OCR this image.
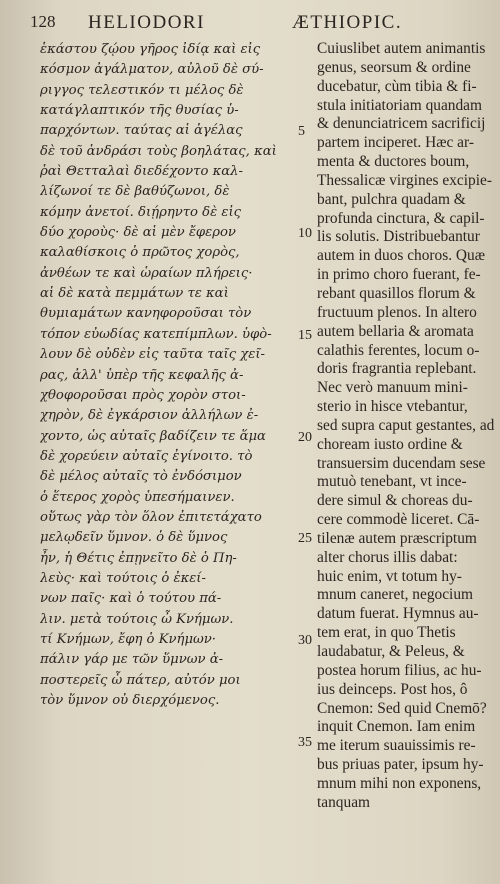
128 HELIODORI	ÆTHIOPIC.
ἑκάστου ζῴου γῆρος ἰδίᾳ καὶ εἰς
κόσμον ἀγάλματον, αὐλοῦ δὲ σύ-
ριγγος τελεστικόν τι μέλος δὲ
κατάγλαπτικόν τῆς θυσίας ὑ-
παρχόντων. ταύτας αἱ ἀγέλας
δὲ τοῦ ἀνδράσι τοὺς βοηλάτας, καὶ
ῥαὶ Θετταλαὶ διεδέχοντο καλ-
λίζωνοί τε δὲ βαθύζωνοι, δὲ
κόμην ἀνετοί. διῄρηντο δὲ εἰς
δύο χοροὺς· δὲ αἱ μὲν ἔφερον
καλαθίσκοις ὁ πρῶτος χορὸς,
ἀνθέων τε καὶ ὡραίων πλήρεις·
αἱ δὲ κατὰ πεμμάτων τε καὶ
θυμιαμάτων κανηφοροῦσαι τὸν
τόπον εὐωδίας κατεπίμπλων. ὑφὸ-
λουν δὲ οὐδὲν εἰς ταῦτα ταῖς χεῖ-
ρας, ἀλλ' ὑπὲρ τῆς κεφαλῆς ἀ-
χθοφοροῦσαι πρὸς χορὸν στοι-
χηρὸν, δὲ ἐγκάρσιον ἀλλήλων ἐ-
χοντο, ὡς αὐταῖς βαδίζειν τε ἅμα
δὲ χορεύειν αὐταῖς ἐγίνοιτο. τὸ
δὲ μέλος αὐταῖς τὸ ἐνδόσιμον
ὁ ἕτερος χορὸς ὑπεσήμαινεν.
οὕτως γὰρ τὸν ὅλον ἐπιτετάχατο
μελῳδεῖν ὕμνον. ὁ δὲ ὕμνος
ἦν, ἡ Θέτις ἐπῃνεῖτο δὲ ὁ Πη-
λεὺς· καὶ τούτοις ὁ ἐκεί-
νων παῖς· καὶ ὁ τούτου πά-
λιν. μετὰ τούτοις ὦ Κνήμων.
τί Κνήμων, ἔφη ὁ Κνήμων·
πάλιν γάρ με τῶν ὕμνων ἀ-
ποστερεῖς ὦ πάτερ, αὐτόν μοι
τὸν ὕμνον οὐ διερχόμενος.
5
10
15
20
25
30
35
Cuiuslibet autem animantis
genus, seorsum & ordine
ducebatur, cùm tibia & fi-
stula initiatoriam quandam
& denunciatricem sacrificij
partem inciperet. Hæc ar-
menta & ductores boum,
Thessalicæ virgines excipie-
bant, pulchra quadam &
profunda cinctura, & capil-
lis solutis. Distribuebantur
autem in duos choros. Quæ
in primo choro fuerant, fe-
rebant quasillos florum &
fructuum plenos. In altero
autem bellaria & aromata
calathis ferentes, locum o-
doris fragrantia replebant.
Nec verò manuum mini-
sterio in hisce vtebantur,
sed supra caput gestantes, ad
choream iusto ordine &
transuersim ducendam sese
mutuò tenebant, vt ince-
dere simul & choreas du-
cere commodè liceret. Cā-
tilenæ autem præscriptum
alter chorus illis dabat:
huic enim, vt totum hy-
mnum caneret, negocium
datum fuerat. Hymnus au-
tem erat, in quo Thetis
laudabatur, & Peleus, &
postea horum filius, ac hu-
ius deinceps. Post hos, ô
Cnemon: Sed quid Cnemō?
inquit Cnemon. Iam enim
me iterum suauissimis re-
bus priuas pater, ipsum hy-
mnum mihi non exponens,
tanquam
